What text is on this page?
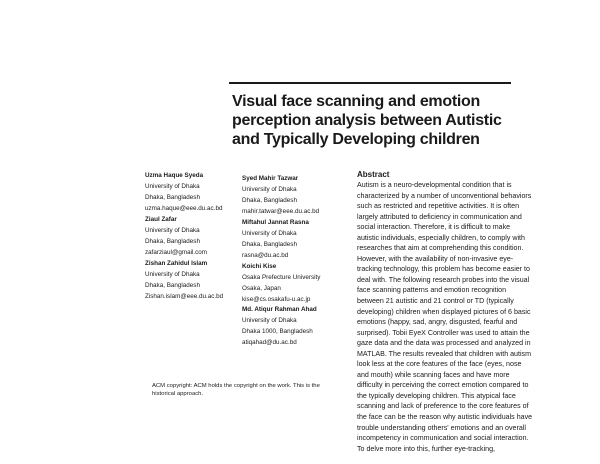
Visual face scanning and emotion
perception analysis between Autistic
and Typically Developing children
Uzma Haque Syeda
University of Dhaka
Dhaka, Bangladesh
uzma.haque@eee.du.ac.bd
Ziaul Zafar
University of Dhaka
Dhaka, Bangladesh
zafarziaul@gmail.com
Zishan Zahidul Islam
University of Dhaka
Dhaka, Bangladesh
Zishan.islam@eee.du.ac.bd
Syed Mahir Tazwar
University of Dhaka
Dhaka, Bangladesh
mahir.tatwar@eee.du.ac.bd
Miftahul Jannat Rasna
University of Dhaka
Dhaka, Bangladesh
rasna@du.ac.bd
Koichi Kise
Osaka Prefecture University
Osaka, Japan
kise@cs.osakafu-u.ac.jp
Md. Atiqur Rahman Ahad
University of Dhaka
Dhaka 1000, Bangladesh
atiqahad@du.ac.bd
Abstract
Autism is a neuro-developmental condition that is
characterized by a number of unconventional behaviors
such as restricted and repetitive activities. It is often
largely attributed to deficiency in communication and
social interaction. Therefore, it is difficult to make
autistic individuals, especially children, to comply with
researches that aim at comprehending this condition.
However, with the availability of non-invasive eye-
tracking technology, this problem has become easier to
deal with. The following research probes into the visual
face scanning patterns and emotion recognition
between 21 autistic and 21 control or TD (typically
developing) children when displayed pictures of 6 basic
emotions (happy, sad, angry, disgusted, fearful and
surprised). Tobii EyeX Controller was used to attain the
gaze data and the data was processed and analyzed in
MATLAB. The results revealed that children with autism
look less at the core features of the face (eyes, nose
and mouth) while scanning faces and have more
difficulty in perceiving the correct emotion compared to
the typically developing children. This atypical face
scanning and lack of preference to the core features of
the face can be the reason why autistic individuals have
trouble understanding others' emotions and an overall
incompetency in communication and social interaction.
To delve more into this, further eye-tracking,
ACM copyright: ACM holds the copyright on the work. This is the
historical approach.
